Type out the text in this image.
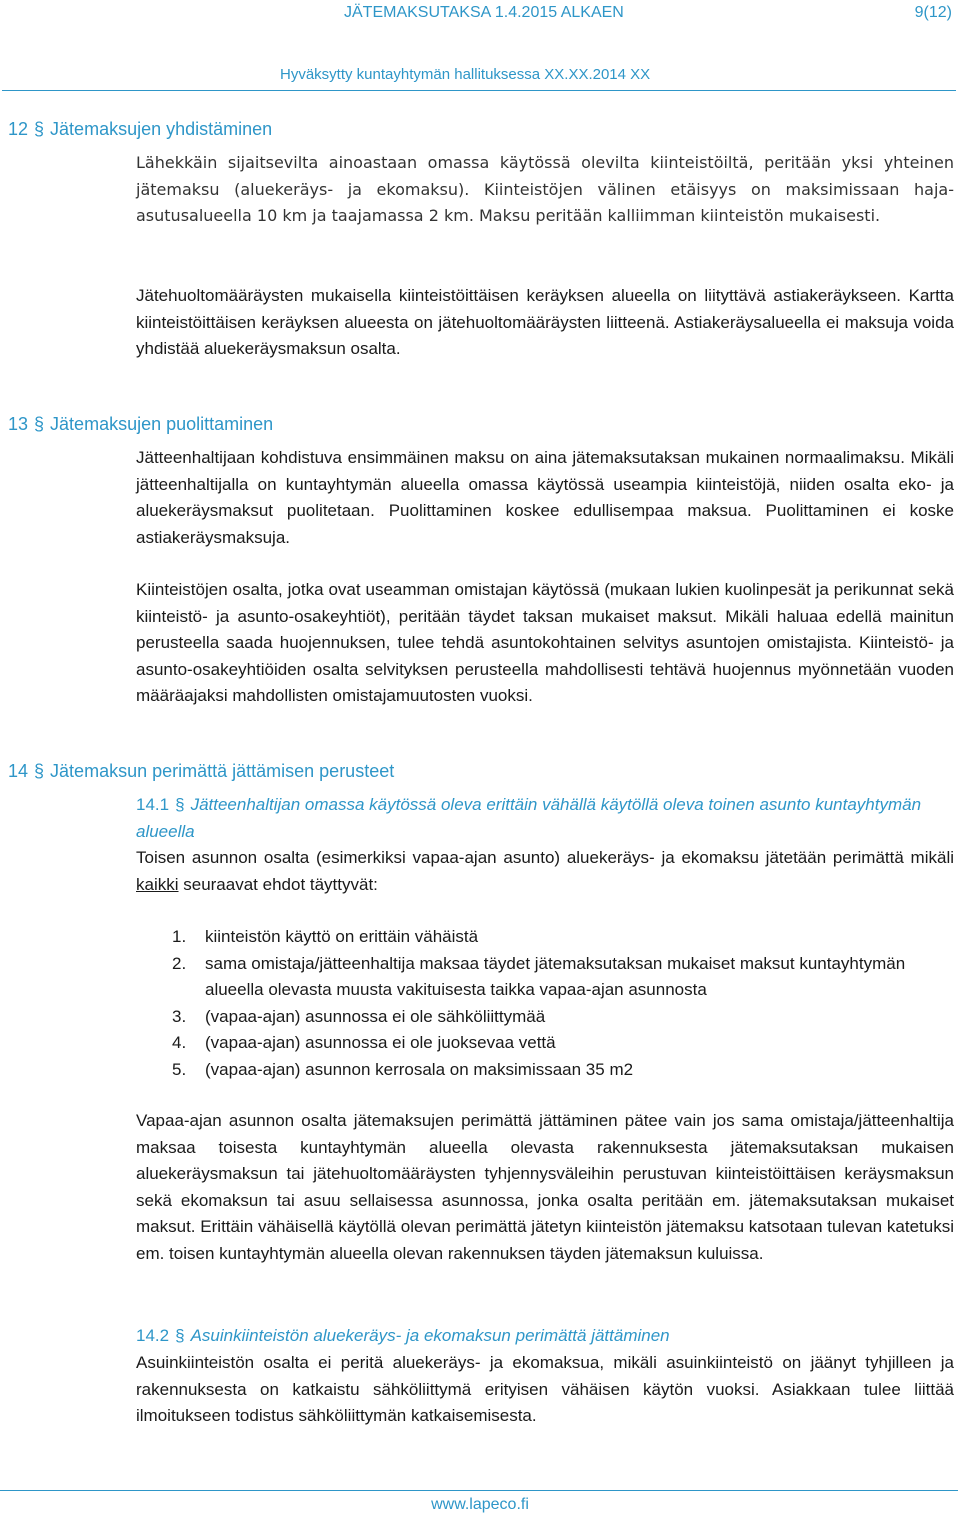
JÄTEMAKSUTAKSA 1.4.2015 ALKAEN	9(12)
Hyväksytty kuntayhtymän hallituksessa XX.XX.2014 XX
12 § Jätemaksujen yhdistäminen

Lähekkäin sijaitsevilta ainoastaan omassa käytössä olevilta kiinteistöiltä, peritään yksi yhteinen jätemaksu (aluekeräys- ja ekomaksu). Kiinteistöjen välinen etäisyys on maksimissaan haja-asutusalueella 10 km ja taajamassa 2 km. Maksu peritään kalliimman kiinteistön mukaisesti.

Jätehuoltomääräysten mukaisella kiinteistöittäisen keräyksen alueella on liityttävä astiakeräykseen. Kartta kiinteistöittäisen keräyksen alueesta on jätehuoltomääräysten liitteenä. Astiakeräysalueella ei maksuja voida yhdistää aluekeräysmaksun osalta.

13 § Jätemaksujen puolittaminen

Jätteenhaltijaan kohdistuva ensimmäinen maksu on aina jätemaksutaksan mukainen normaalimaksu. Mikäli jätteenhaltijalla on kuntayhtymän alueella omassa käytössä useampia kiinteistöjä, niiden osalta eko- ja aluekeräysmaksut puolitetaan. Puolittaminen koskee edullisempaa maksua. Puolittaminen ei koske astiakeräysmaksuja.

Kiinteistöjen osalta, jotka ovat useamman omistajan käytössä (mukaan lukien kuolinpesät ja perikunnat sekä kiinteistö- ja asunto-osakeyhtiöt), peritään täydet taksan mukaiset maksut. Mikäli haluaa edellä mainitun perusteella saada huojennuksen, tulee tehdä asuntokohtainen selvitys asuntojen omistajista. Kiinteistö- ja asunto-osakeyhtiöiden osalta selvityksen perusteella mahdollisesti tehtävä huojennus myönnetään vuoden määräajaksi mahdollisten omistajamuutosten vuoksi.

14 § Jätemaksun perimättä jättämisen perusteet

14.1 § Jätteenhaltijan omassa käytössä oleva erittäin vähällä käytöllä oleva toinen asunto kuntayhtymän alueella

Toisen asunnon osalta (esimerkiksi vapaa-ajan asunto) aluekeräys- ja ekomaksu jätetään perimättä mikäli kaikki seuraavat ehdot täyttyvät:

1. kiinteistön käyttö on erittäin vähäistä
2. sama omistaja/jätteenhaltija maksaa täydet jätemaksutaksan mukaiset maksut kuntayhtymän alueella olevasta muusta vakituisesta taikka vapaa-ajan asunnosta
3. (vapaa-ajan) asunnossa ei ole sähköliittymää
4. (vapaa-ajan) asunnossa ei ole juoksevaa vettä
5. (vapaa-ajan) asunnon kerrosala on maksimissaan 35 m2

Vapaa-ajan asunnon osalta jätemaksujen perimättä jättäminen pätee vain jos sama omistaja/jätteenhaltija maksaa toisesta kuntayhtymän alueella olevasta rakennuksesta jätemaksutaksan mukaisen aluekeräysmaksun tai jätehuoltomääräysten tyhjennysväleihin perustuvan kiinteistöittäisen keräysmaksun sekä ekomaksun tai asuu sellaisessa asunnossa, jonka osalta peritään em. jätemaksutaksan mukaiset maksut. Erittäin vähäisellä käytöllä olevan perimättä jätetyn kiinteistön jätemaksu katsotaan tulevan katetuksi em. toisen kuntayhtymän alueella olevan rakennuksen täyden jätemaksun kuluissa.

14.2 § Asuinkiinteistön aluekeräys- ja ekomaksun perimättä jättäminen

Asuinkiinteistön osalta ei peritä aluekeräys- ja ekomaksua, mikäli asuinkiinteistö on jäänyt tyhjilleen ja rakennuksesta on katkaistu sähköliittymä erityisen vähäisen käytön vuoksi. Asiakkaan tulee liittää ilmoitukseen todistus sähköliittymän katkaisemisesta.

www.lapeco.fi
